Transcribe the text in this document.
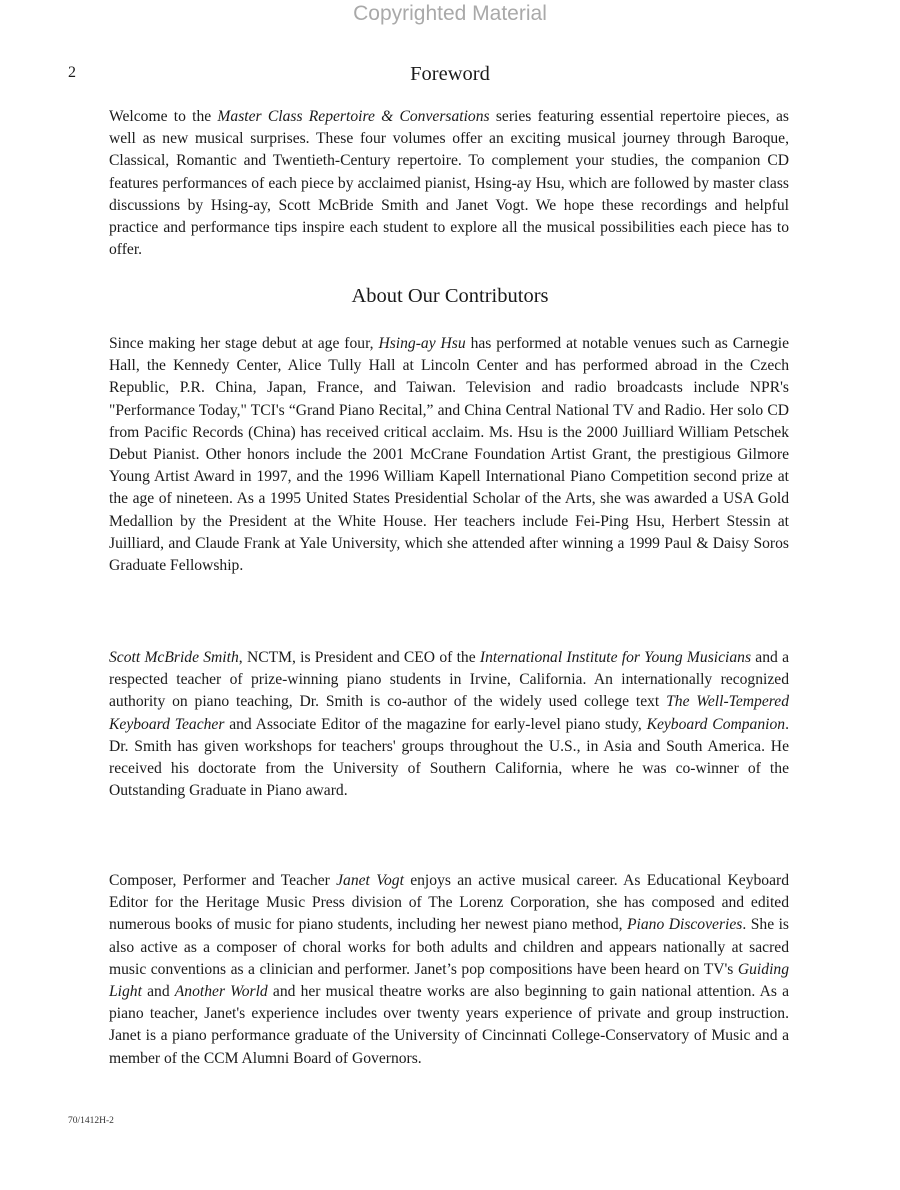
Copyrighted Material
2	Foreword

Welcome to the Master Class Repertoire & Conversations series featuring essential repertoire pieces, as well as new musical surprises. These four volumes offer an exciting musical journey through Baroque, Classical, Romantic and Twentieth-Century repertoire. To complement your studies, the companion CD features performances of each piece by acclaimed pianist, Hsing-ay Hsu, which are followed by master class discussions by Hsing-ay, Scott McBride Smith and Janet Vogt. We hope these recordings and helpful practice and performance tips inspire each student to explore all the musical possibilities each piece has to offer.

About Our Contributors

Since making her stage debut at age four, Hsing-ay Hsu has performed at notable venues such as Carnegie Hall, the Kennedy Center, Alice Tully Hall at Lincoln Center and has performed abroad in the Czech Republic, P.R. China, Japan, France, and Taiwan. Television and radio broadcasts include NPR's "Performance Today," TCI's “Grand Piano Recital,” and China Central National TV and Radio. Her solo CD from Pacific Records (China) has received critical acclaim. Ms. Hsu is the 2000 Juilliard William Petschek Debut Pianist. Other honors include the 2001 McCrane Foundation Artist Grant, the prestigious Gilmore Young Artist Award in 1997, and the 1996 William Kapell International Piano Competition second prize at the age of nineteen. As a 1995 United States Presidential Scholar of the Arts, she was awarded a USA Gold Medallion by the President at the White House. Her teachers include Fei-Ping Hsu, Herbert Stessin at Juilliard, and Claude Frank at Yale University, which she attended after winning a 1999 Paul & Daisy Soros Graduate Fellowship.

Scott McBride Smith, NCTM, is President and CEO of the International Institute for Young Musicians and a respected teacher of prize-winning piano students in Irvine, California. An internationally recognized authority on piano teaching, Dr. Smith is co-author of the widely used college text The Well-Tempered Keyboard Teacher and Associate Editor of the magazine for early-level piano study, Keyboard Companion. Dr. Smith has given workshops for teachers' groups throughout the U.S., in Asia and South America. He received his doctorate from the University of Southern California, where he was co-winner of the Outstanding Graduate in Piano award.

Composer, Performer and Teacher Janet Vogt enjoys an active musical career. As Educational Keyboard Editor for the Heritage Music Press division of The Lorenz Corporation, she has composed and edited numerous books of music for piano students, including her newest piano method, Piano Discoveries. She is also active as a composer of choral works for both adults and children and appears nationally at sacred music conventions as a clinician and performer. Janet’s pop compositions have been heard on TV's Guiding Light and Another World and her musical theatre works are also beginning to gain national attention. As a piano teacher, Janet's experience includes over twenty years experience of private and group instruction. Janet is a piano performance graduate of the University of Cincinnati College-Conservatory of Music and a member of the CCM Alumni Board of Governors.

70/1412H-2
